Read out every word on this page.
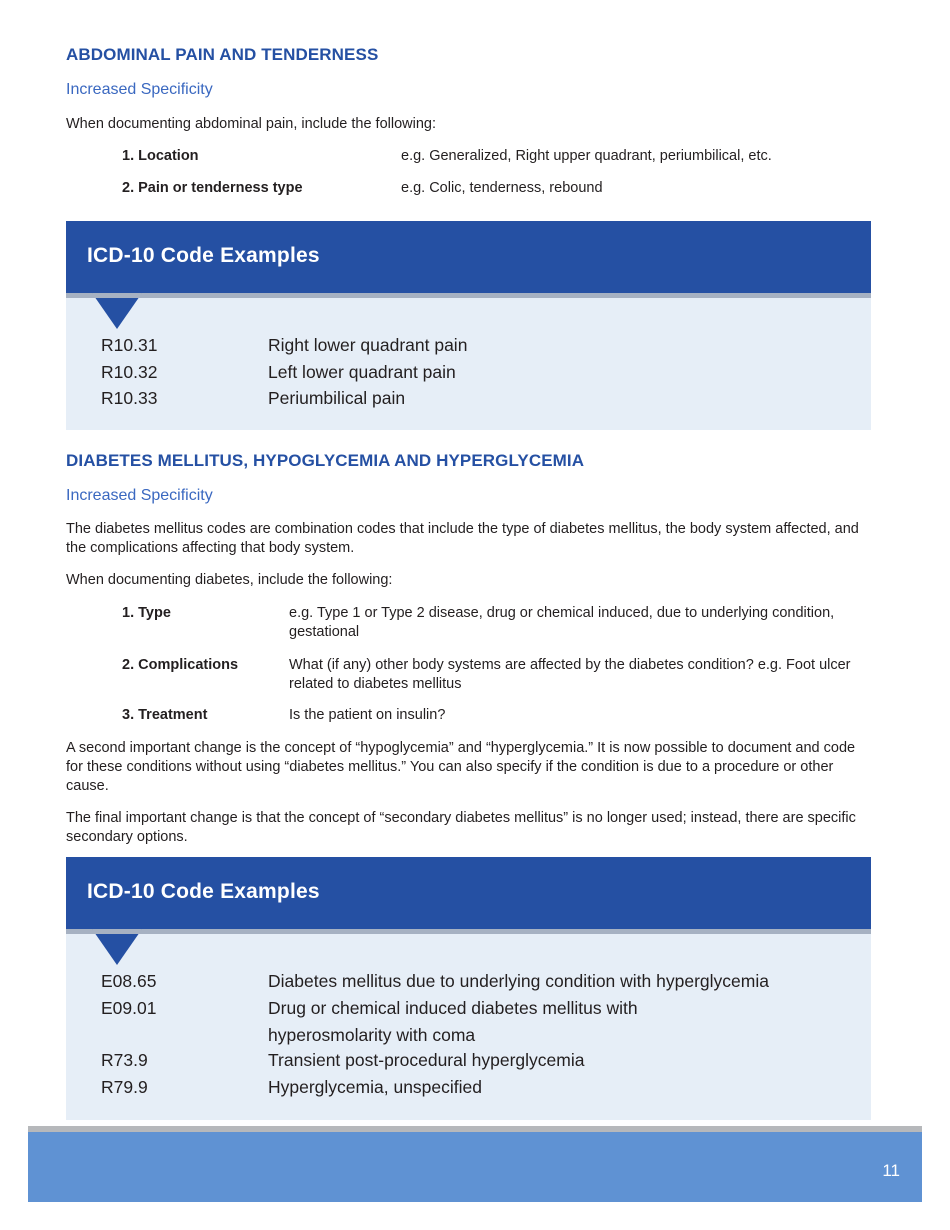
ABDOMINAL PAIN AND TENDERNESS
Increased Specificity
When documenting abdominal pain, include the following:
1. Location	e.g. Generalized, Right upper quadrant, periumbilical, etc.
2. Pain or tenderness type	e.g. Colic, tenderness, rebound
ICD-10 Code Examples
R10.31	Right lower quadrant pain
R10.32	Left lower quadrant pain
R10.33	Periumbilical pain
DIABETES MELLITUS, HYPOGLYCEMIA AND HYPERGLYCEMIA
Increased Specificity
The diabetes mellitus codes are combination codes that include the type of diabetes mellitus, the body system affected, and the complications affecting that body system.
When documenting diabetes, include the following:
1. Type	e.g. Type 1 or Type 2 disease, drug or chemical induced, due to underlying condition, gestational
2. Complications	What (if any) other body systems are affected by the diabetes condition? e.g. Foot ulcer related to diabetes mellitus
3. Treatment	Is the patient on insulin?
A second important change is the concept of “hypoglycemia” and “hyperglycemia.” It is now possible to document and code for these conditions without using “diabetes mellitus.” You can also specify if the condition is due to a procedure or other cause.
The final important change is that the concept of “secondary diabetes mellitus” is no longer used; instead, there are specific secondary options.
ICD-10 Code Examples
E08.65	Diabetes mellitus due to underlying condition with hyperglycemia
E09.01	Drug or chemical induced diabetes mellitus with hyperosmolarity with coma
R73.9	Transient post-procedural hyperglycemia
R79.9	Hyperglycemia, unspecified
11
